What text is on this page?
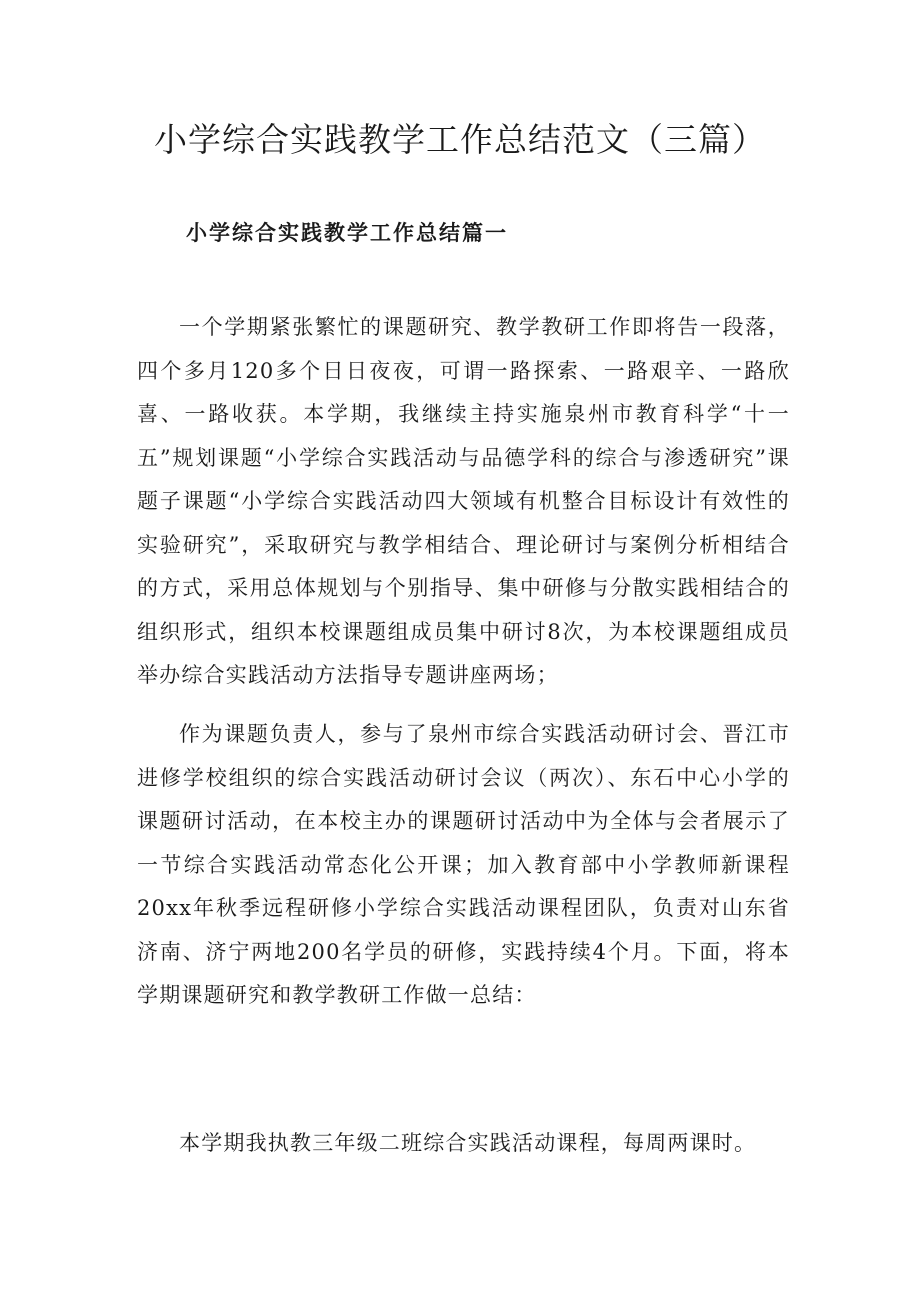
小学综合实践教学工作总结范文（三篇）
小学综合实践教学工作总结篇一

一个学期紧张繁忙的课题研究、教学教研工作即将告一段落，四个多月120多个日日夜夜，可谓一路探索、一路艰辛、一路欣喜、一路收获。本学期，我继续主持实施泉州市教育科学“十一五”规划课题“小学综合实践活动与品德学科的综合与渗透研究”课题子课题“小学综合实践活动四大领域有机整合目标设计有效性的实验研究”，采取研究与教学相结合、理论研讨与案例分析相结合的方式，采用总体规划与个别指导、集中研修与分散实践相结合的组织形式，组织本校课题组成员集中研讨8次，为本校课题组成员举办综合实践活动方法指导专题讲座两场；

作为课题负责人，参与了泉州市综合实践活动研讨会、晋江市进修学校组织的综合实践活动研讨会议（两次）、东石中心小学的课题研讨活动，在本校主办的课题研讨活动中为全体与会者展示了一节综合实践活动常态化公开课；加入教育部中小学教师新课程20xx年秋季远程研修小学综合实践活动课程团队，负责对山东省济南、济宁两地200名学员的研修，实践持续4个月。下面，将本学期课题研究和教学教研工作做一总结：

本学期我执教三年级二班综合实践活动课程，每周两课时。
